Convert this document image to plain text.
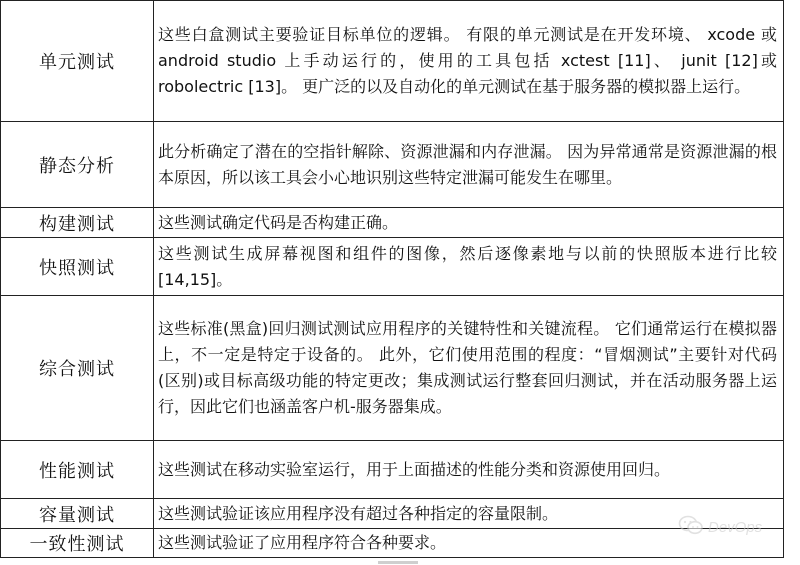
单元测试	这些白盒测试主要验证目标单位的逻辑。 有限的单元测试是在开发环境、 xcode 或 android studio 上手动运行的，使用的工具包括 xctest [11]、 junit [12]或 robolectric [13]。 更广泛的以及自动化的单元测试在基于服务器的模拟器上运行。
静态分析	此分析确定了潜在的空指针解除、资源泄漏和内存泄漏。 因为异常通常是资源泄漏的根本原因，所以该工具会小心地识别这些特定泄漏可能发生在哪里。
构建测试	这些测试确定代码是否构建正确。
快照测试	这些测试生成屏幕视图和组件的图像，然后逐像素地与以前的快照版本进行比较[14,15]。
综合测试	这些标准(黑盒)回归测试测试应用程序的关键特性和关键流程。 它们通常运行在模拟器上，不一定是特定于设备的。 此外，它们使用范围的程度：“冒烟测试”主要针对代码(区别)或目标高级功能的特定更改；集成测试运行整套回归测试，并在活动服务器上运行，因此它们也涵盖客户机-服务器集成。
性能测试	这些测试在移动实验室运行，用于上面描述的性能分类和资源使用回归。
容量测试	这些测试验证该应用程序没有超过各种指定的容量限制。
一致性测试	这些测试验证了应用程序符合各种要求。
DevOps
